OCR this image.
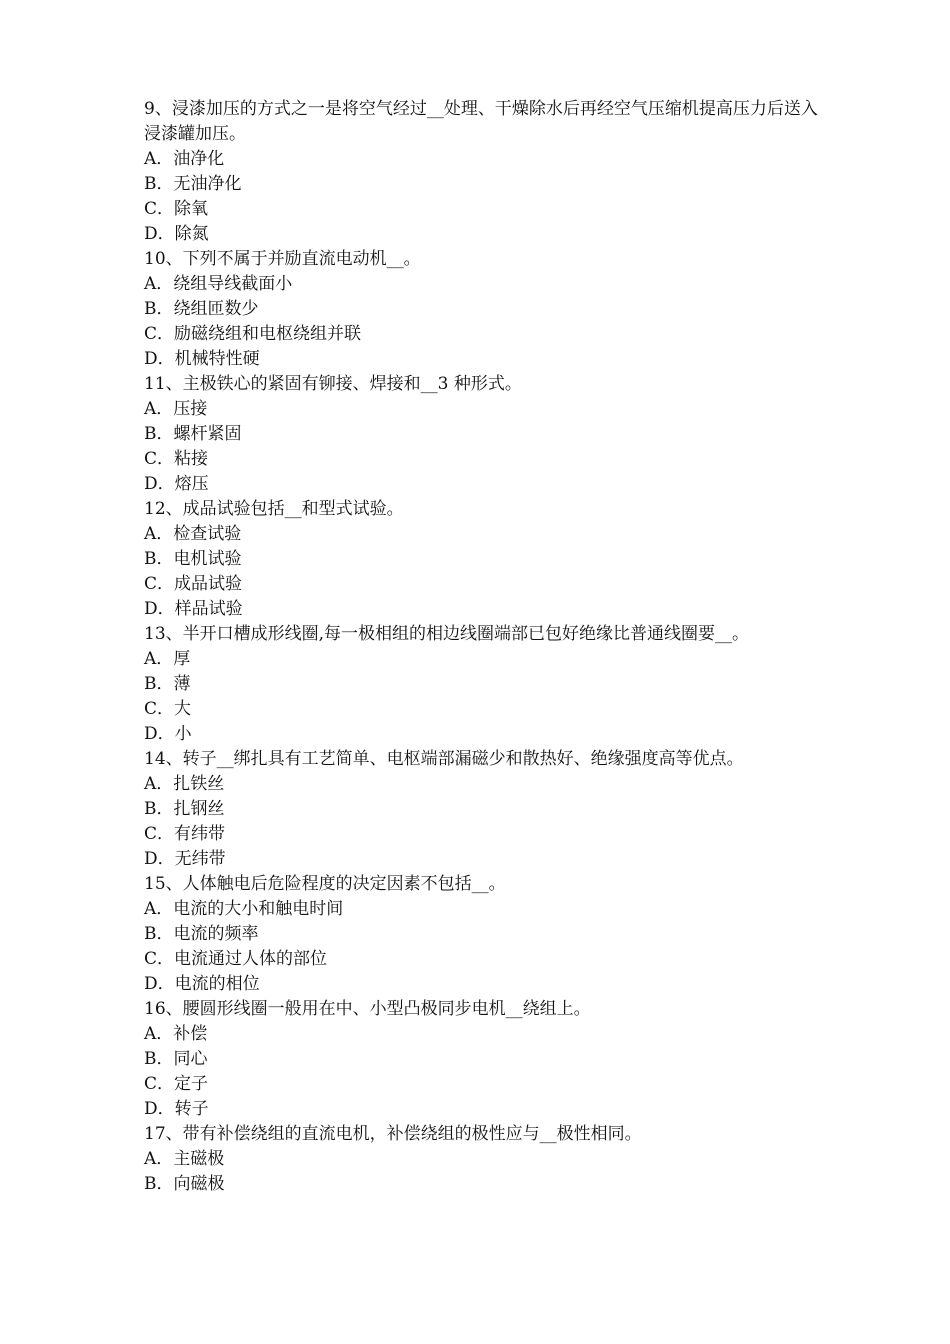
9、浸漆加压的方式之一是将空气经过__处理、干燥除水后再经空气压缩机提高压力后送入浸漆罐加压。
A．油净化
B．无油净化
C．除氧
D．除氮
10、下列不属于并励直流电动机__。
A．绕组导线截面小
B．绕组匝数少
C．励磁绕组和电枢绕组并联
D．机械特性硬
11、主极铁心的紧固有铆接、焊接和__3 种形式。
A．压接
B．螺杆紧固
C．粘接
D．熔压
12、成品试验包括__和型式试验。
A．检查试验
B．电机试验
C．成品试验
D．样品试验
13、半开口槽成形线圈,每一极相组的相边线圈端部已包好绝缘比普通线圈要__。
A．厚
B．薄
C．大
D．小
14、转子__绑扎具有工艺简单、电枢端部漏磁少和散热好、绝缘强度高等优点。
A．扎铁丝
B．扎钢丝
C．有纬带
D．无纬带
15、人体触电后危险程度的决定因素不包括__。
A．电流的大小和触电时间
B．电流的频率
C．电流通过人体的部位
D．电流的相位
16、腰圆形线圈一般用在中、小型凸极同步电机__绕组上。
A．补偿
B．同心
C．定子
D．转子
17、带有补偿绕组的直流电机，补偿绕组的极性应与__极性相同。
A．主磁极
B．向磁极
